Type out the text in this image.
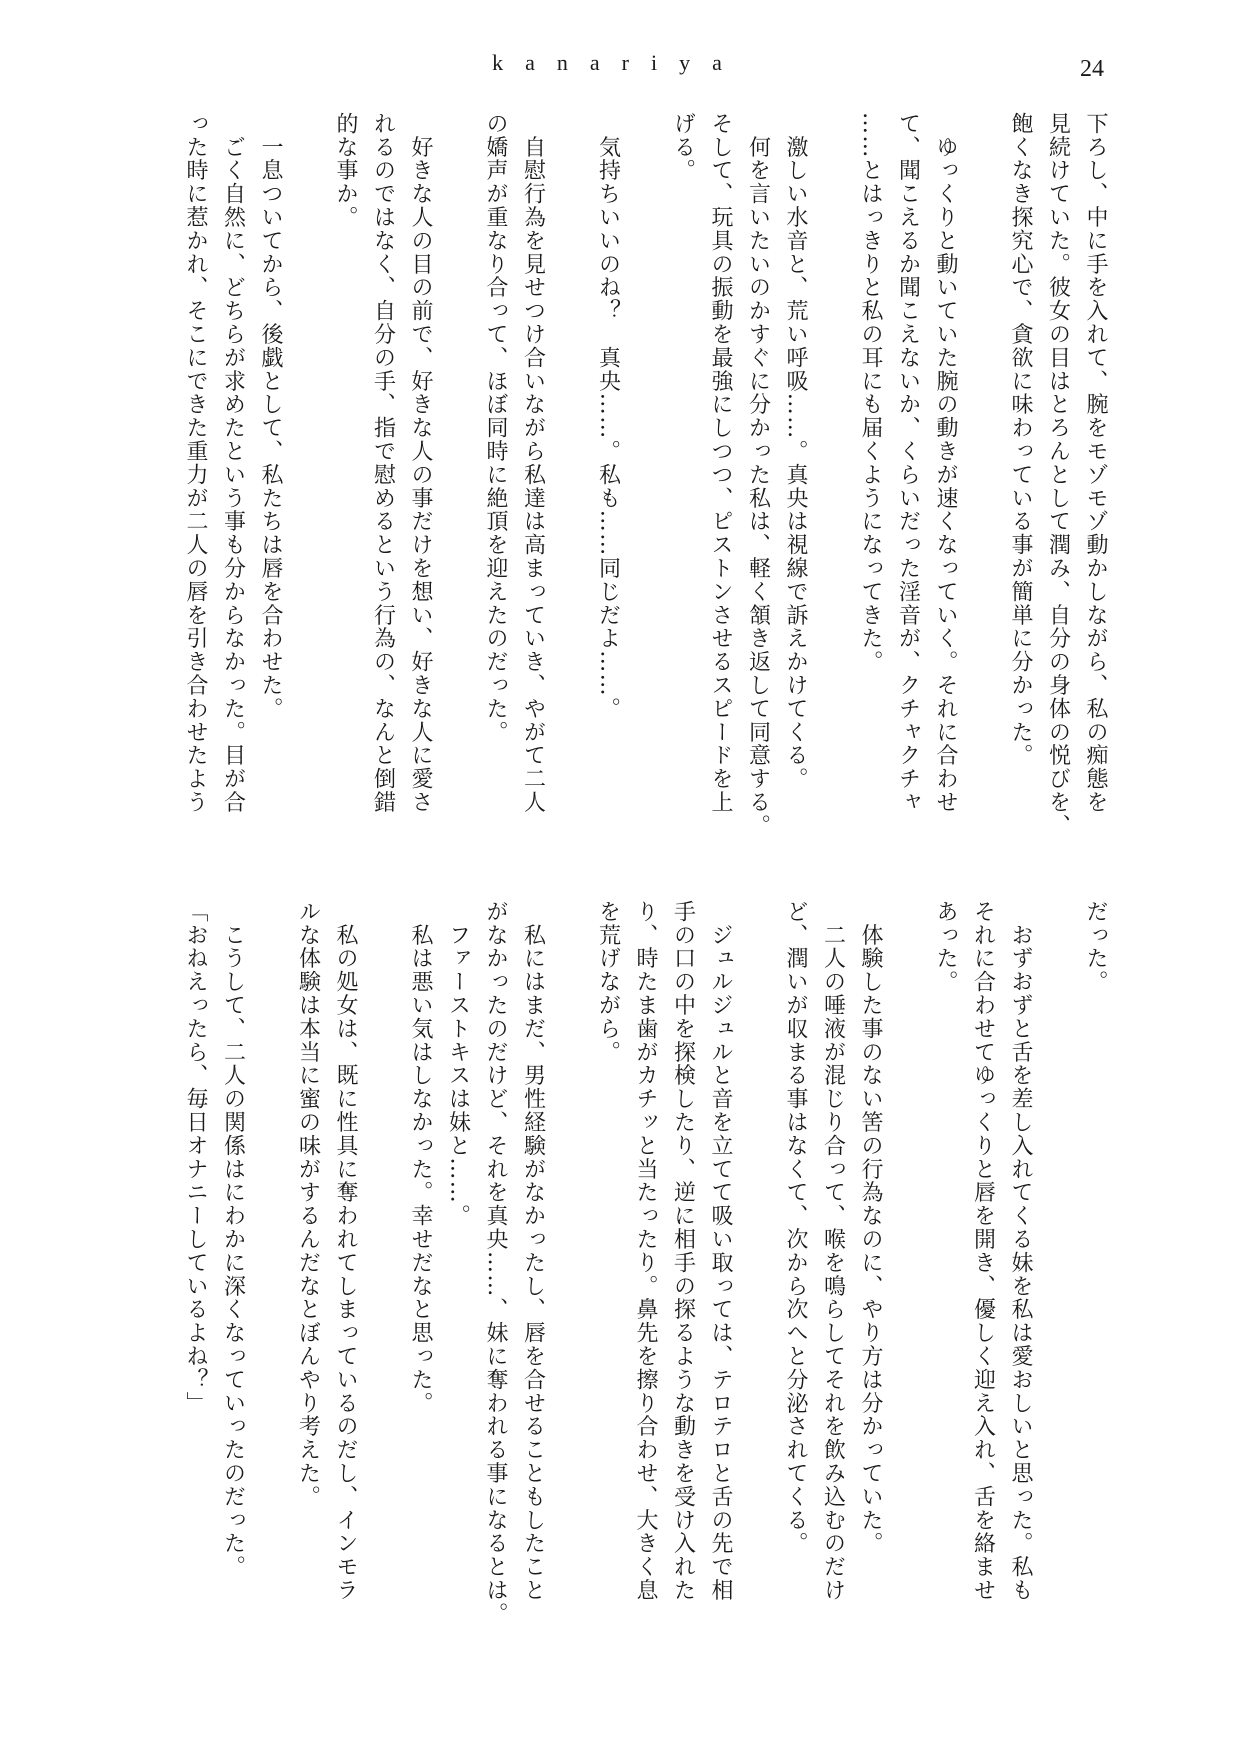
kanariya	24
下ろし、中に手を入れて、腕をモゾモゾ動かしながら、私の痴態を
見続けていた。彼女の目はとろんとして潤み、自分の身体の悦びを、
飽くなき探究心で、貪欲に味わっている事が簡単に分かった。
　ゆっくりと動いていた腕の動きが速くなっていく。それに合わせ
て、聞こえるか聞こえないか、くらいだった淫音が、クチャクチャ
……とはっきりと私の耳にも届くようになってきた。
　激しい水音と、荒い呼吸……。真央は視線で訴えかけてくる。
　何を言いたいのかすぐに分かった私は、軽く頷き返して同意する。
そして、玩具の振動を最強にしつつ、ピストンさせるスピードを上
げる。
　気持ちいいのね？　真央……。私も……同じだよ……。
　自慰行為を見せつけ合いながら私達は高まっていき、やがて二人
の嬌声が重なり合って、ほぼ同時に絶頂を迎えたのだった。
　好きな人の目の前で、好きな人の事だけを想い、好きな人に愛さ
れるのではなく、自分の手、指で慰めるという行為の、なんと倒錯
的な事か。
　一息ついてから、後戯として、私たちは唇を合わせた。
　ごく自然に、どちらが求めたという事も分からなかった。目が合
った時に惹かれ、そこにできた重力が二人の唇を引き合わせたよう
だった。
　おずおずと舌を差し入れてくる妹を私は愛おしいと思った。私も
それに合わせてゆっくりと唇を開き、優しく迎え入れ、舌を絡ませ
あった。
　体験した事のない筈の行為なのに、やり方は分かっていた。
　二人の唾液が混じり合って、喉を鳴らしてそれを飲み込むのだけ
ど、潤いが収まる事はなくて、次から次へと分泌されてくる。
　ジュルジュルと音を立てて吸い取っては、テロテロと舌の先で相
手の口の中を探検したり、逆に相手の探るような動きを受け入れた
り、時たま歯がカチッと当たったり。鼻先を擦り合わせ、大きく息
を荒げながら。
　私にはまだ、男性経験がなかったし、唇を合せることもしたこと
がなかったのだけど、それを真央……、妹に奪われる事になるとは。
　ファーストキスは妹と……。
　私は悪い気はしなかった。幸せだなと思った。
　私の処女は、既に性具に奪われてしまっているのだし、インモラ
ルな体験は本当に蜜の味がするんだなとぼんやり考えた。
　こうして、二人の関係はにわかに深くなっていったのだった。
「おねえったら、毎日オナニーしているよね？」
